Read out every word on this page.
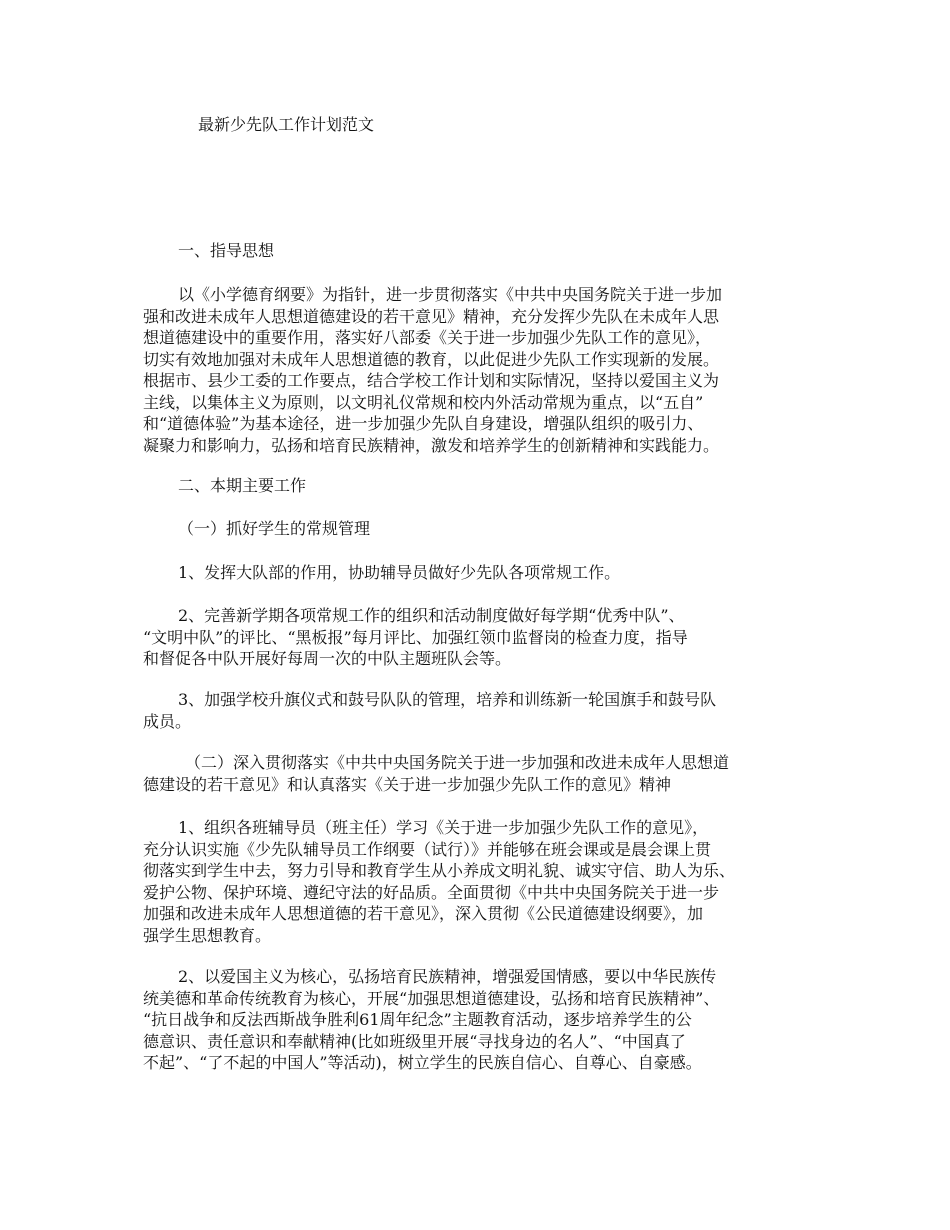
最新少先队工作计划范文
一、指导思想
以《小学德育纲要》为指针，进一步贯彻落实《中共中央国务院关于进一步加
强和改进未成年人思想道德建设的若干意见》精神，充分发挥少先队在未成年人思
想道德建设中的重要作用，落实好八部委《关于进一步加强少先队工作的意见》，
切实有效地加强对未成年人思想道德的教育，以此促进少先队工作实现新的发展。
根据市、县少工委的工作要点，结合学校工作计划和实际情况，坚持以爱国主义为
主线，以集体主义为原则，以文明礼仪常规和校内外活动常规为重点，以“五自”
和“道德体验”为基本途径，进一步加强少先队自身建设，增强队组织的吸引力、
凝聚力和影响力，弘扬和培育民族精神，激发和培养学生的创新精神和实践能力。
二、本期主要工作
（一）抓好学生的常规管理
1、发挥大队部的作用，协助辅导员做好少先队各项常规工作。
2、完善新学期各项常规工作的组织和活动制度做好每学期“优秀中队”、
“文明中队”的评比、“黑板报”每月评比、加强红领巾监督岗的检查力度，指导
和督促各中队开展好每周一次的中队主题班队会等。
3、加强学校升旗仪式和鼓号队队的管理，培养和训练新一轮国旗手和鼓号队
成员。
（二）深入贯彻落实《中共中央国务院关于进一步加强和改进未成年人思想道
德建设的若干意见》和认真落实《关于进一步加强少先队工作的意见》精神
1、组织各班辅导员（班主任）学习《关于进一步加强少先队工作的意见》，
充分认识实施《少先队辅导员工作纲要（试行）》并能够在班会课或是晨会课上贯
彻落实到学生中去，努力引导和教育学生从小养成文明礼貌、诚实守信、助人为乐、
爱护公物、保护环境、遵纪守法的好品质。全面贯彻《中共中央国务院关于进一步
加强和改进未成年人思想道德的若干意见》，深入贯彻《公民道德建设纲要》，加
强学生思想教育。
2、以爱国主义为核心，弘扬培育民族精神，增强爱国情感，要以中华民族传
统美德和革命传统教育为核心，开展“加强思想道德建设，弘扬和培育民族精神”、
“抗日战争和反法西斯战争胜利61周年纪念”主题教育活动，逐步培养学生的公
德意识、责任意识和奉献精神(比如班级里开展“寻找身边的名人”、“中国真了
不起”、“了不起的中国人”等活动)，树立学生的民族自信心、自尊心、自豪感。
